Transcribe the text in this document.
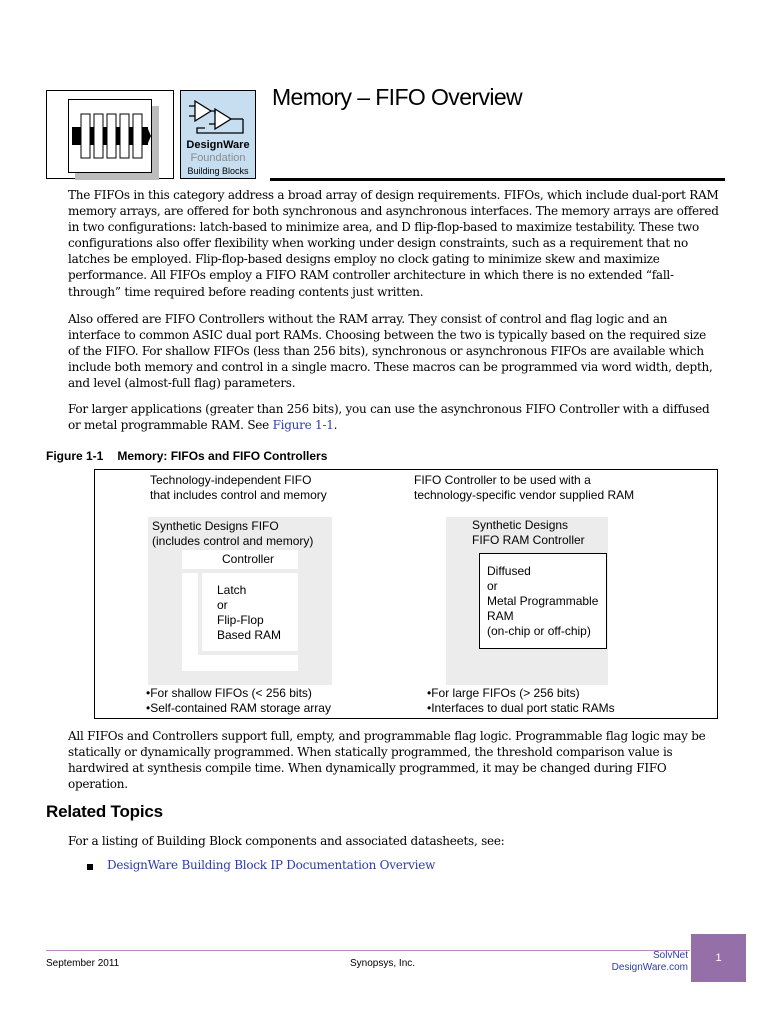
DesignWare
Foundation
Building Blocks
Memory – FIFO Overview

The FIFOs in this category address a broad array of design requirements. FIFOs, which include dual-port RAM memory arrays, are offered for both synchronous and asynchronous interfaces. The memory arrays are offered in two configurations: latch-based to minimize area, and D flip-flop-based to maximize testability. These two configurations also offer flexibility when working under design constraints, such as a requirement that no latches be employed. Flip-flop-based designs employ no clock gating to minimize skew and maximize performance. All FIFOs employ a FIFO RAM controller architecture in which there is no extended “fall-through” time required before reading contents just written.

Also offered are FIFO Controllers without the RAM array. They consist of control and flag logic and an interface to common ASIC dual port RAMs. Choosing between the two is typically based on the required size of the FIFO. For shallow FIFOs (less than 256 bits), synchronous or asynchronous FIFOs are available which include both memory and control in a single macro. These macros can be programmed via word width, depth, and level (almost-full flag) parameters.

For larger applications (greater than 256 bits), you can use the asynchronous FIFO Controller with a diffused or metal programmable RAM. See Figure 1-1.

Figure 1-1 Memory: FIFOs and FIFO Controllers
Technology-independent FIFO
that includes control and memory
FIFO Controller to be used with a
technology-specific vendor supplied RAM
Synthetic Designs FIFO
(includes control and memory)
Controller
Latch
or
Flip-Flop
Based RAM
Synthetic Designs
FIFO RAM Controller
Diffused
or
Metal Programmable
RAM
(on-chip or off-chip)
•For shallow FIFOs (< 256 bits)
•Self-contained RAM storage array
•For large FIFOs (> 256 bits)
•Interfaces to dual port static RAMs

All FIFOs and Controllers support full, empty, and programmable flag logic. Programmable flag logic may be statically or dynamically programmed. When statically programmed, the threshold comparison value is hardwired at synthesis compile time. When dynamically programmed, it may be changed during FIFO operation.

Related Topics
For a listing of Building Block components and associated datasheets, see:
DesignWare Building Block IP Documentation Overview
September 2011	Synopsys, Inc.
SolvNet
DesignWare.com
1
